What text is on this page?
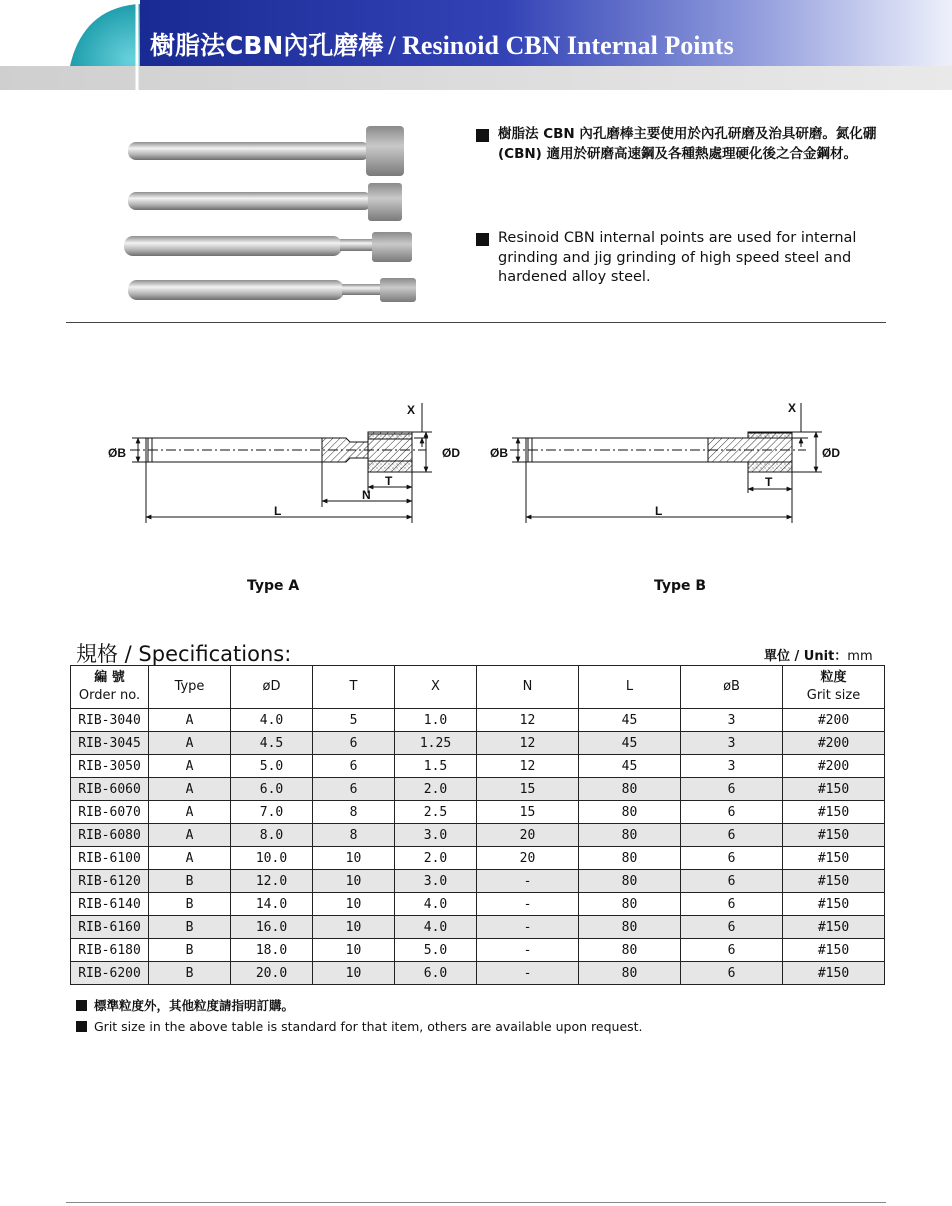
樹脂法CBN內孔磨棒 / Resinoid CBN Internal Points

樹脂法 CBN 內孔磨棒主要使用於內孔研磨及治具研磨。氮化硼 (CBN) 適用於研磨高速鋼及各種熱處理硬化後之合金鋼材。

Resinoid CBN internal points are used for internal grinding and jig grinding of high speed steel and hardened alloy steel.

ØB	ØD
X
T
N
L
ØB	ØD
X
T
L
Type A	Type B
規格 / Specifications:	單位 / Unit：mm
編 號
Order no.	Type	øD	T	X	N	L	øB	粒度
Grit size
RIB-3040	A	4.0	5	1.0	12	45	3	#200
RIB-3045	A	4.5	6	1.25	12	45	3	#200
RIB-3050	A	5.0	6	1.5	12	45	3	#200
RIB-6060	A	6.0	6	2.0	15	80	6	#150
RIB-6070	A	7.0	8	2.5	15	80	6	#150
RIB-6080	A	8.0	8	3.0	20	80	6	#150
RIB-6100	A	10.0	10	2.0	20	80	6	#150
RIB-6120	B	12.0	10	3.0	-	80	6	#150
RIB-6140	B	14.0	10	4.0	-	80	6	#150
RIB-6160	B	16.0	10	4.0	-	80	6	#150
RIB-6180	B	18.0	10	5.0	-	80	6	#150
RIB-6200	B	20.0	10	6.0	-	80	6	#150
標準粒度外，其他粒度請指明訂購。
Grit size in the above table is standard for that item, others are available upon request.
